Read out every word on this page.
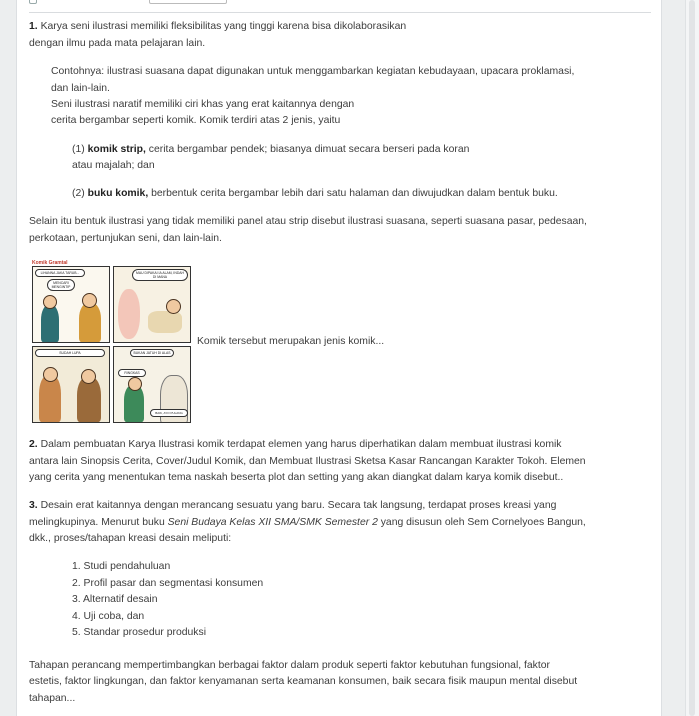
1. Karya seni ilustrasi memiliki fleksibilitas yang tinggi karena bisa dikolaborasikan
dengan ilmu pada mata pelajaran lain.
Contohnya: ilustrasi suasana dapat digunakan untuk menggambarkan kegiatan kebudayaan, upacara proklamasi,
dan lain-lain.
Seni ilustrasi naratif memiliki ciri khas yang erat kaitannya dengan
cerita bergambar seperti komik. Komik terdiri atas 2 jenis, yaitu
(1) komik strip, cerita bergambar pendek; biasanya dimuat secara berseri pada koran
atau majalah; dan
(2) buku komik, berbentuk cerita bergambar lebih dari satu halaman dan diwujudkan dalam bentuk buku.
Selain itu bentuk ilustrasi yang tidak memiliki panel atau strip disebut ilustrasi suasana, seperti suasana pasar, pedesaan,
perkotaan, pertunjukan seni, dan lain-lain.
Komik Gramtal
LIHANNA JAKA TARUB...
MENCARI MENGINTIP
MAU DIPAKAI IA ALAM, INDAH DI MANA
SUDAH LUPA	BUKAN JATUH DI ALAS
RINGKAS
BAIK, AYO PULANG
Komik tersebut merupakan jenis komik...
2. Dalam pembuatan Karya Ilustrasi komik terdapat elemen yang harus diperhatikan dalam membuat ilustrasi komik
antara lain Sinopsis Cerita, Cover/Judul Komik, dan Membuat Ilustrasi Sketsa Kasar Rancangan Karakter Tokoh. Elemen
yang cerita yang menentukan tema naskah beserta plot dan setting yang akan diangkat dalam karya komik disebut..
3. Desain erat kaitannya dengan merancang sesuatu yang baru. Secara tak langsung, terdapat proses kreasi yang
melingkupinya. Menurut buku Seni Budaya Kelas XII SMA/SMK Semester 2 yang disusun oleh Sem Cornelyoes Bangun,
dkk., proses/tahapan kreasi desain meliputi:
1. Studi pendahuluan
2. Profil pasar dan segmentasi konsumen
3. Alternatif desain
4. Uji coba, dan
5. Standar prosedur produksi
Tahapan perancang mempertimbangkan berbagai faktor dalam produk seperti faktor kebutuhan fungsional, faktor
estetis, faktor lingkungan, dan faktor kenyamanan serta keamanan konsumen, baik secara fisik maupun mental disebut
tahapan...
